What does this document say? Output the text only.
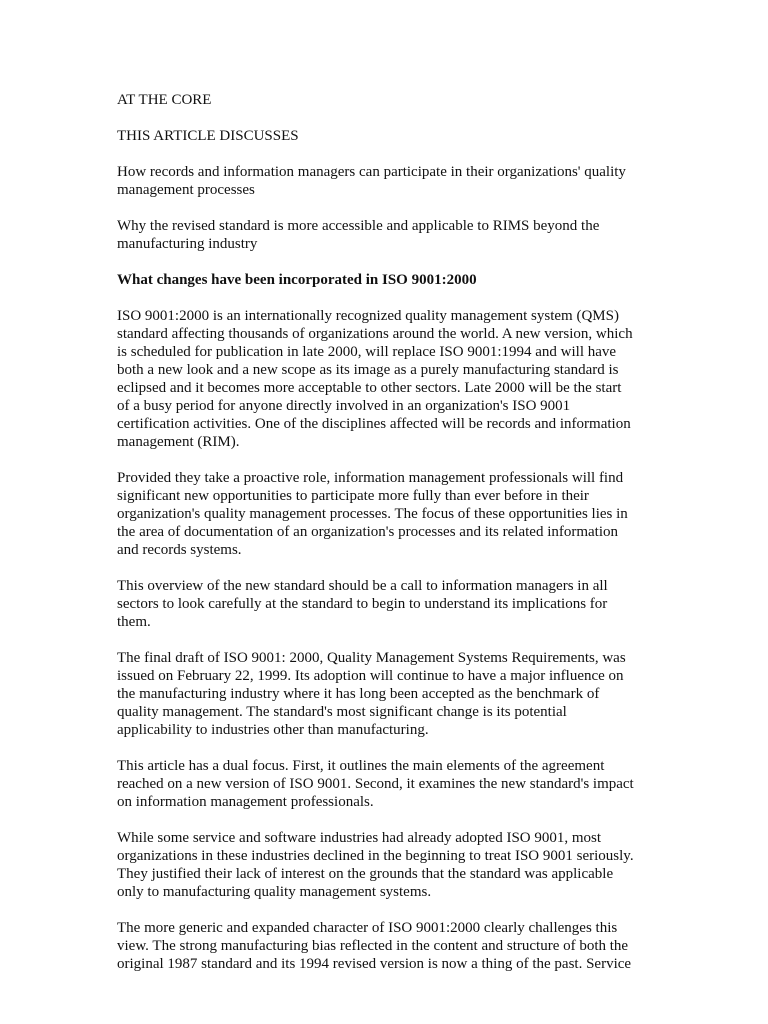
AT THE CORE

THIS ARTICLE DISCUSSES

How records and information managers can participate in their organizations' quality
management processes

Why the revised standard is more accessible and applicable to RIMS beyond the
manufacturing industry

What changes have been incorporated in ISO 9001:2000

ISO 9001:2000 is an internationally recognized quality management system (QMS)
standard affecting thousands of organizations around the world. A new version, which
is scheduled for publication in late 2000, will replace ISO 9001:1994 and will have
both a new look and a new scope as its image as a purely manufacturing standard is
eclipsed and it becomes more acceptable to other sectors. Late 2000 will be the start
of a busy period for anyone directly involved in an organization's ISO 9001
certification activities. One of the disciplines affected will be records and information
management (RIM).

Provided they take a proactive role, information management professionals will find
significant new opportunities to participate more fully than ever before in their
organization's quality management processes. The focus of these opportunities lies in
the area of documentation of an organization's processes and its related information
and records systems.

This overview of the new standard should be a call to information managers in all
sectors to look carefully at the standard to begin to understand its implications for
them.

The final draft of ISO 9001: 2000, Quality Management Systems Requirements, was
issued on February 22, 1999. Its adoption will continue to have a major influence on
the manufacturing industry where it has long been accepted as the benchmark of
quality management. The standard's most significant change is its potential
applicability to industries other than manufacturing.

This article has a dual focus. First, it outlines the main elements of the agreement
reached on a new version of ISO 9001. Second, it examines the new standard's impact
on information management professionals.

While some service and software industries had already adopted ISO 9001, most
organizations in these industries declined in the beginning to treat ISO 9001 seriously.
They justified their lack of interest on the grounds that the standard was applicable
only to manufacturing quality management systems.

The more generic and expanded character of ISO 9001:2000 clearly challenges this
view. The strong manufacturing bias reflected in the content and structure of both the
original 1987 standard and its 1994 revised version is now a thing of the past. Service
